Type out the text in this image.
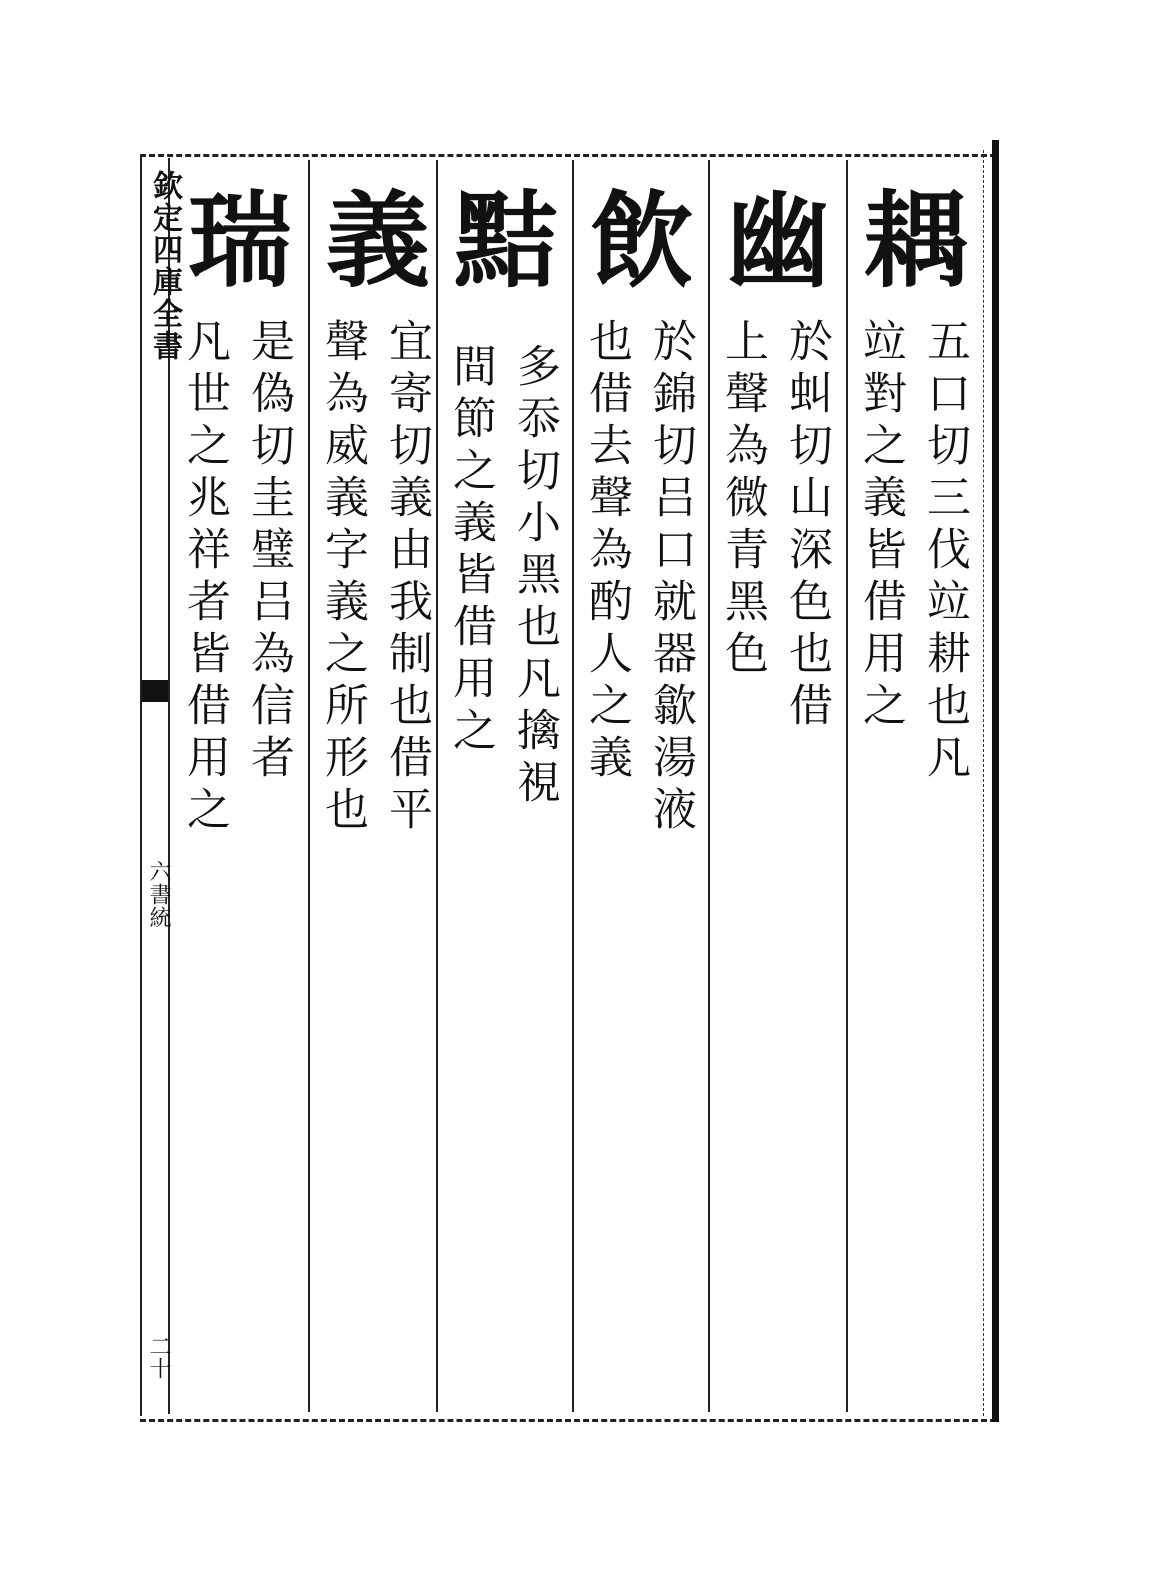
欽定四庫全書
六書統
二十
耦
五口切三伐竝耕也凡
竝對之義皆借用之
幽
於虯切山深色也借
上聲為微青黑色
飲
於錦切吕口就器歙湯液
也借去聲為酌人之義
黠
多忝切小黑也凡擒視
間節之義皆借用之
義
宜寄切義由我制也借平
聲為威義字義之所形也
瑞
是偽切圭璧吕為信者
凡世之兆祥者皆借用之
